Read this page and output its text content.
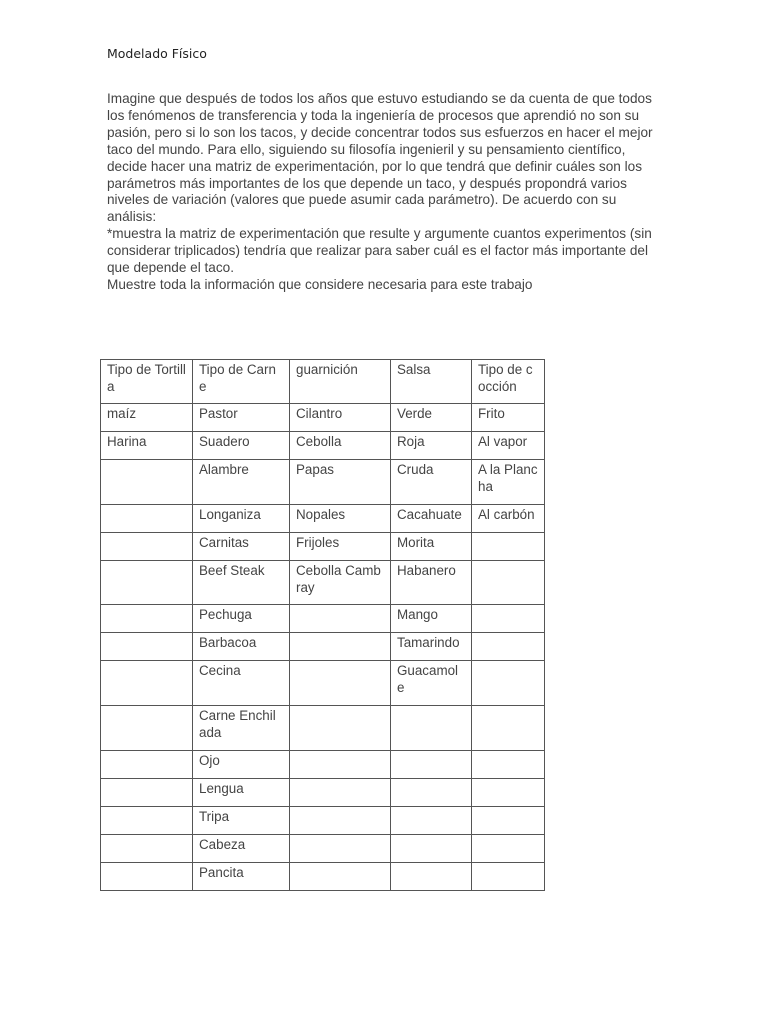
Modelado Físico

Imagine que después de todos los años que estuvo estudiando se da cuenta de que todos los fenómenos de transferencia y toda la ingeniería de procesos que aprendió no son su pasión, pero si lo son los tacos, y decide concentrar todos sus esfuerzos en hacer el mejor taco del mundo. Para ello, siguiendo su filosofía ingenieril y su pensamiento científico, decide hacer una matriz de experimentación, por lo que tendrá que definir cuáles son los parámetros más importantes de los que depende un taco, y después propondrá varios niveles de variación (valores que puede asumir cada parámetro). De acuerdo con su análisis:

*muestra la matriz de experimentación que resulte y argumente cuantos experimentos (sin considerar triplicados) tendría que realizar para saber cuál es el factor más importante del que depende el taco.

Muestre toda la información que considere necesaria para este trabajo

Tipo de Tortilla	Tipo de Carne	guarnición	Salsa	Tipo de cocción
maíz	Pastor	Cilantro	Verde	Frito
Harina	Suadero	Cebolla	Roja	Al vapor
	Alambre	Papas	Cruda	A la Plancha
	Longaniza	Nopales	Cacahuate	Al carbón
	Carnitas	Frijoles	Morita	
	Beef Steak	Cebolla Cambray	Habanero	
	Pechuga		Mango	
	Barbacoa		Tamarindo	
	Cecina		Guacamole	
	Carne Enchilada			
	Ojo			
	Lengua			
	Tripa			
	Cabeza			
	Pancita			
